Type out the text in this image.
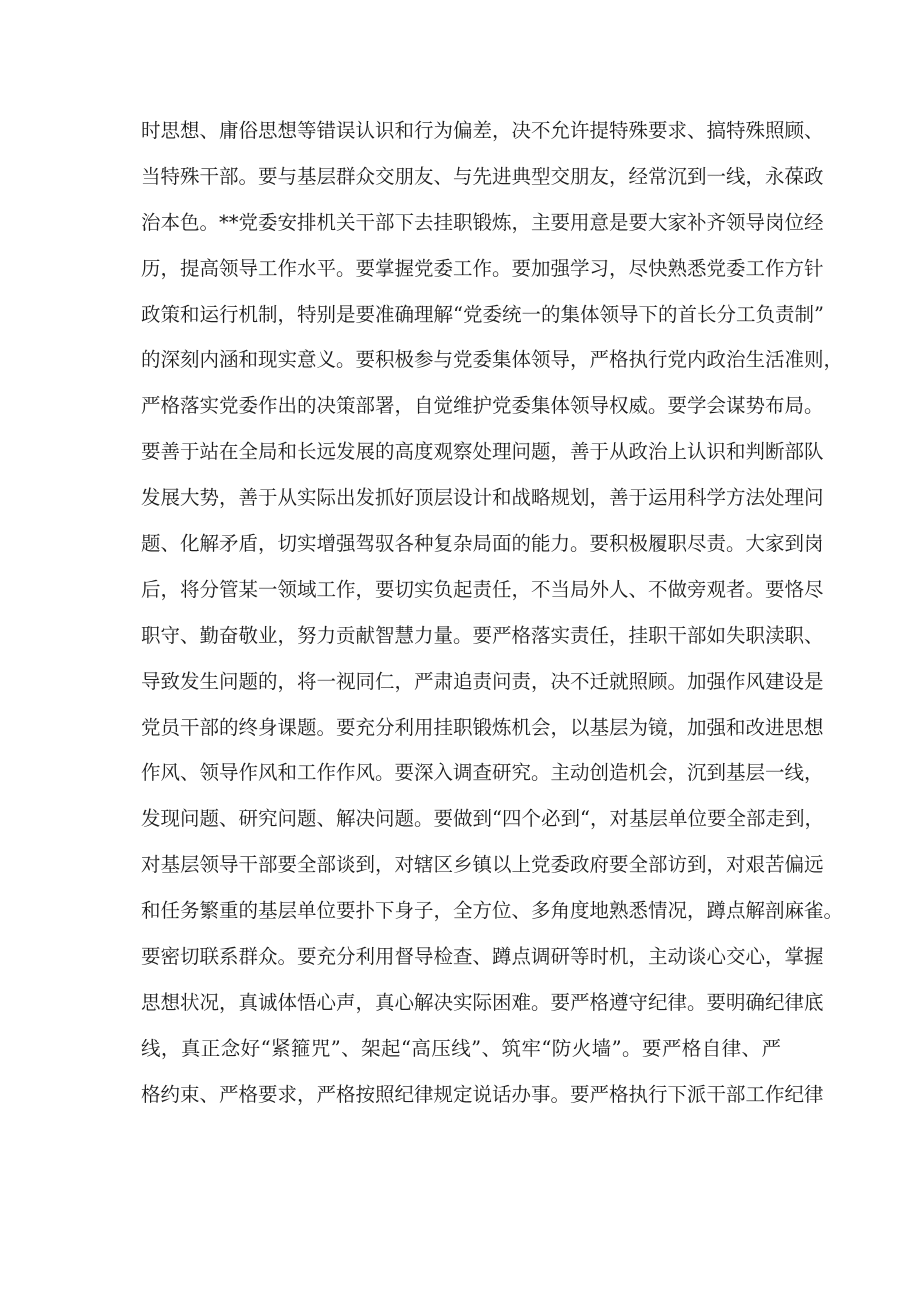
时思想、庸俗思想等错误认识和行为偏差，决不允许提特殊要求、搞特殊照顾、
当特殊干部。要与基层群众交朋友、与先进典型交朋友，经常沉到一线，永葆政
治本色。**党委安排机关干部下去挂职锻炼，主要用意是要大家补齐领导岗位经
历，提高领导工作水平。要掌握党委工作。要加强学习，尽快熟悉党委工作方针
政策和运行机制，特别是要准确理解“党委统一的集体领导下的首长分工负责制”
的深刻内涵和现实意义。要积极参与党委集体领导，严格执行党内政治生活准则，
严格落实党委作出的决策部署，自觉维护党委集体领导权威。要学会谋势布局。
要善于站在全局和长远发展的高度观察处理问题，善于从政治上认识和判断部队
发展大势，善于从实际出发抓好顶层设计和战略规划，善于运用科学方法处理问
题、化解矛盾，切实增强驾驭各种复杂局面的能力。要积极履职尽责。大家到岗
后，将分管某一领域工作，要切实负起责任，不当局外人、不做旁观者。要恪尽
职守、勤奋敬业，努力贡献智慧力量。要严格落实责任，挂职干部如失职渎职、
导致发生问题的，将一视同仁，严肃追责问责，决不迁就照顾。加强作风建设是
党员干部的终身课题。要充分利用挂职锻炼机会，以基层为镜，加强和改进思想
作风、领导作风和工作作风。要深入调查研究。主动创造机会，沉到基层一线，
发现问题、研究问题、解决问题。要做到“四个必到“，对基层单位要全部走到，
对基层领导干部要全部谈到，对辖区乡镇以上党委政府要全部访到，对艰苦偏远
和任务繁重的基层单位要扑下身子，全方位、多角度地熟悉情况，蹲点解剖麻雀。
要密切联系群众。要充分利用督导检查、蹲点调研等时机，主动谈心交心，掌握
思想状况，真诚体悟心声，真心解决实际困难。要严格遵守纪律。要明确纪律底
线，真正念好“紧箍咒”、架起“高压线”、筑牢“防火墙”。要严格自律、严
格约束、严格要求，严格按照纪律规定说话办事。要严格执行下派干部工作纪律
